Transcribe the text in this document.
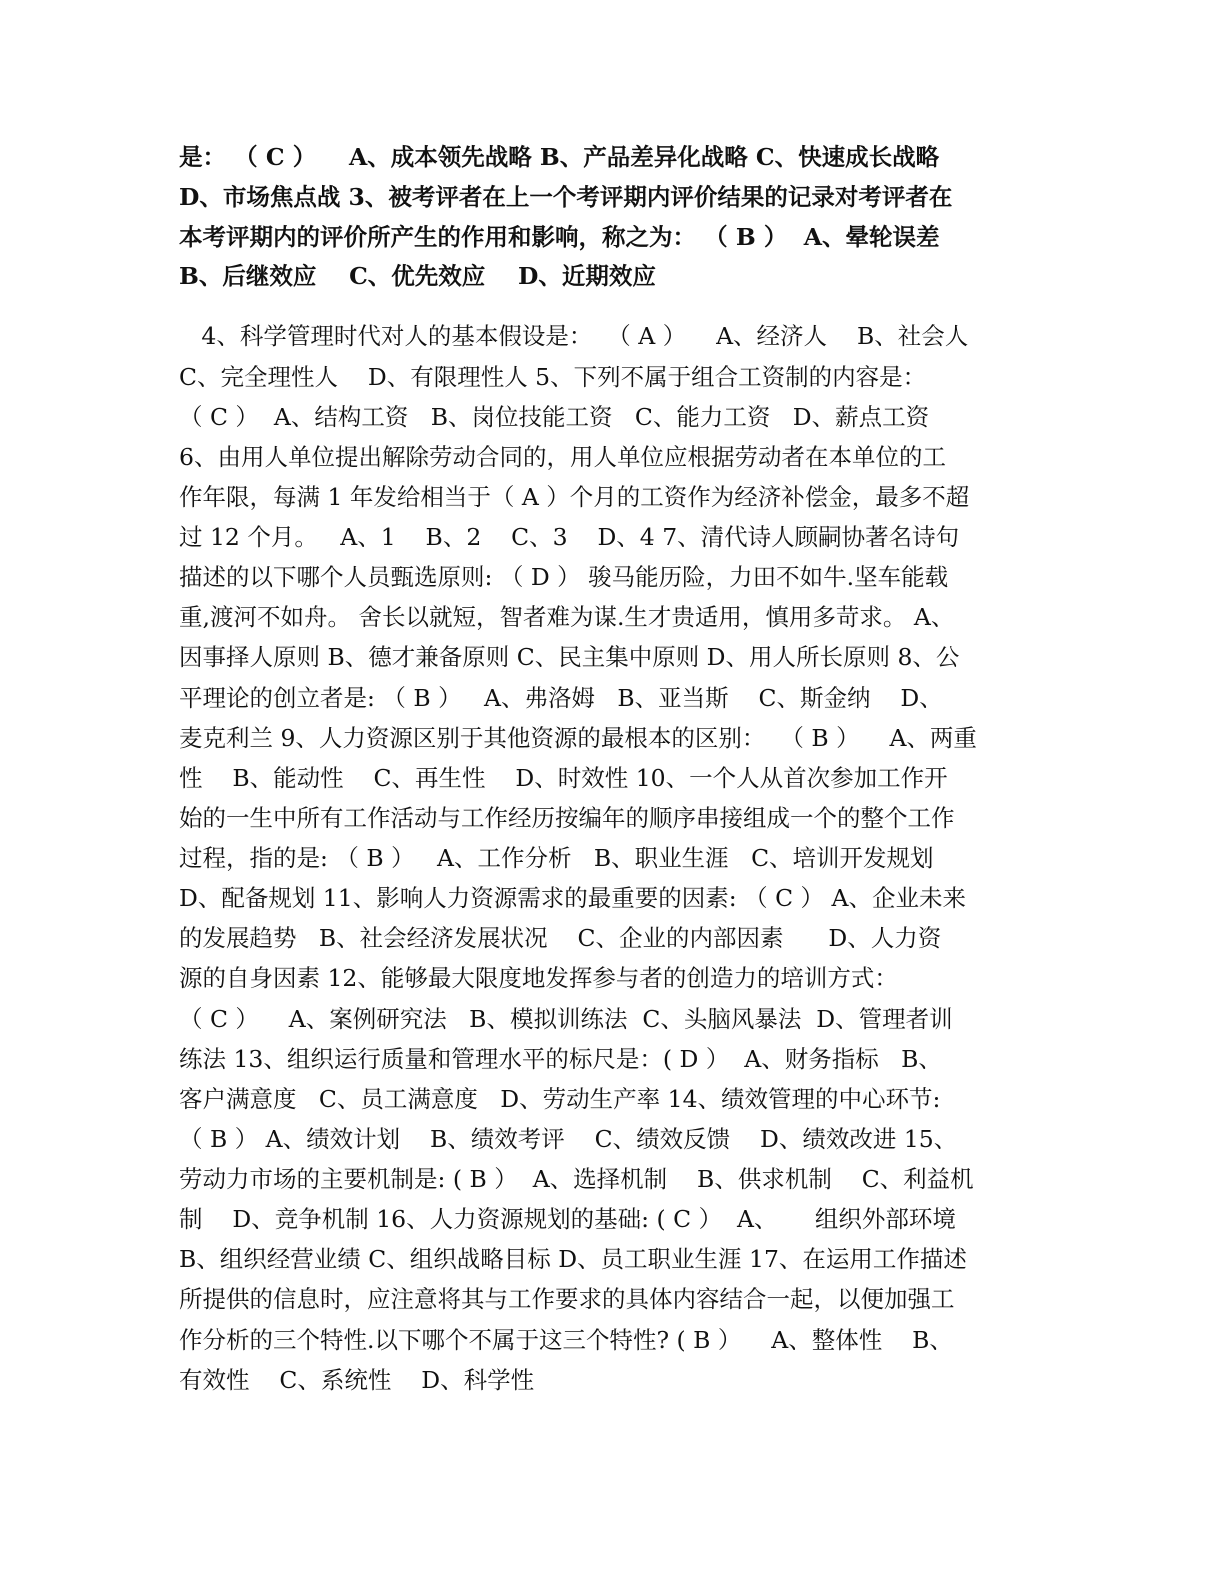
是： （ C ）    A、成本领先战略 B、产品差异化战略 C、快速成长战略
D、市场焦点战 3、被考评者在上一个考评期内评价结果的记录对考评者在
本考评期内的评价所产生的作用和影响，称之为： （ B ）  A、晕轮误差
B、后继效应    C、优先效应    D、近期效应
4、科学管理时代对人的基本假设是：  （ A ）    A、经济人    B、社会人
C、完全理性人    D、有限理性人 5、下列不属于组合工资制的内容是：
（ C ）  A、结构工资   B、岗位技能工资   C、能力工资   D、薪点工资
6、由用人单位提出解除劳动合同的，用人单位应根据劳动者在本单位的工
作年限，每满 1 年发给相当于（ A ）个月的工资作为经济补偿金，最多不超
过 12 个月。   A、1    B、2    C、3    D、4 7、清代诗人顾嗣协著名诗句
描述的以下哪个人员甄选原则: （ D ） 骏马能历险，力田不如牛.坚车能载
重,渡河不如舟。 舍长以就短，智者难为谋.生才贵适用，慎用多苛求。 A、
因事择人原则 B、德才兼备原则 C、民主集中原则 D、用人所长原则 8、公
平理论的创立者是: （ B ）   A、弗洛姆   B、亚当斯    C、斯金纳    D、
麦克利兰 9、人力资源区别于其他资源的最根本的区别：  （ B ）    A、两重
性    B、能动性    C、再生性    D、时效性 10、一个人从首次参加工作开
始的一生中所有工作活动与工作经历按编年的顺序串接组成一个的整个工作
过程，指的是: （ B ）   A、工作分析   B、职业生涯   C、培训开发规划
D、配备规划 11、影响人力资源需求的最重要的因素: （ C ） A、企业未来
的发展趋势   B、社会经济发展状况    C、企业的内部因素      D、人力资
源的自身因素 12、能够最大限度地发挥参与者的创造力的培训方式：
（ C ）    A、案例研究法   B、模拟训练法  C、头脑风暴法  D、管理者训
练法 13、组织运行质量和管理水平的标尺是：( D ）  A、财务指标   B、
客户满意度   C、员工满意度   D、劳动生产率 14、绩效管理的中心环节:
（ B ） A、绩效计划    B、绩效考评    C、绩效反馈    D、绩效改进 15、
劳动力市场的主要机制是: ( B ）  A、选择机制    B、供求机制    C、利益机
制    D、竞争机制 16、人力资源规划的基础: ( C ）  A、     组织外部环境
B、组织经营业绩 C、组织战略目标 D、员工职业生涯 17、在运用工作描述
所提供的信息时，应注意将其与工作要求的具体内容结合一起，以便加强工
作分析的三个特性.以下哪个不属于这三个特性? ( B ）    A、整体性    B、
有效性    C、系统性    D、科学性
